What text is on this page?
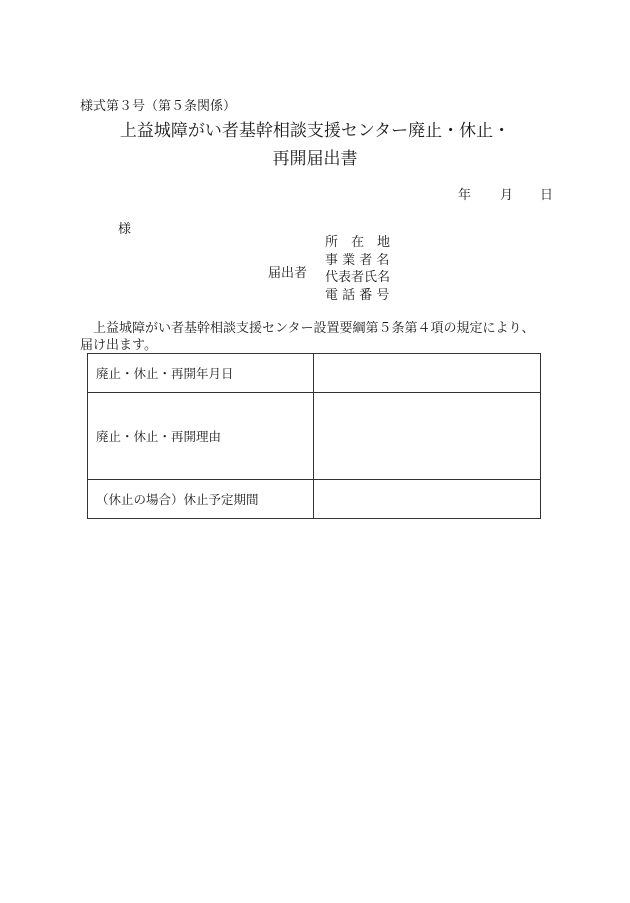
様式第３号（第５条関係）
上益城障がい者基幹相談支援センター廃止・休止・
再開届出書
年 月 日
様
届出者
所　在　地
事 業 者 名
代表者氏名
電 話 番 号

上益城障がい者基幹相談支援センター設置要綱第５条第４項の規定により、

届け出ます。

廃止・休止・再開年月日	
廃止・休止・再開理由	
（休止の場合）休止予定期間	
